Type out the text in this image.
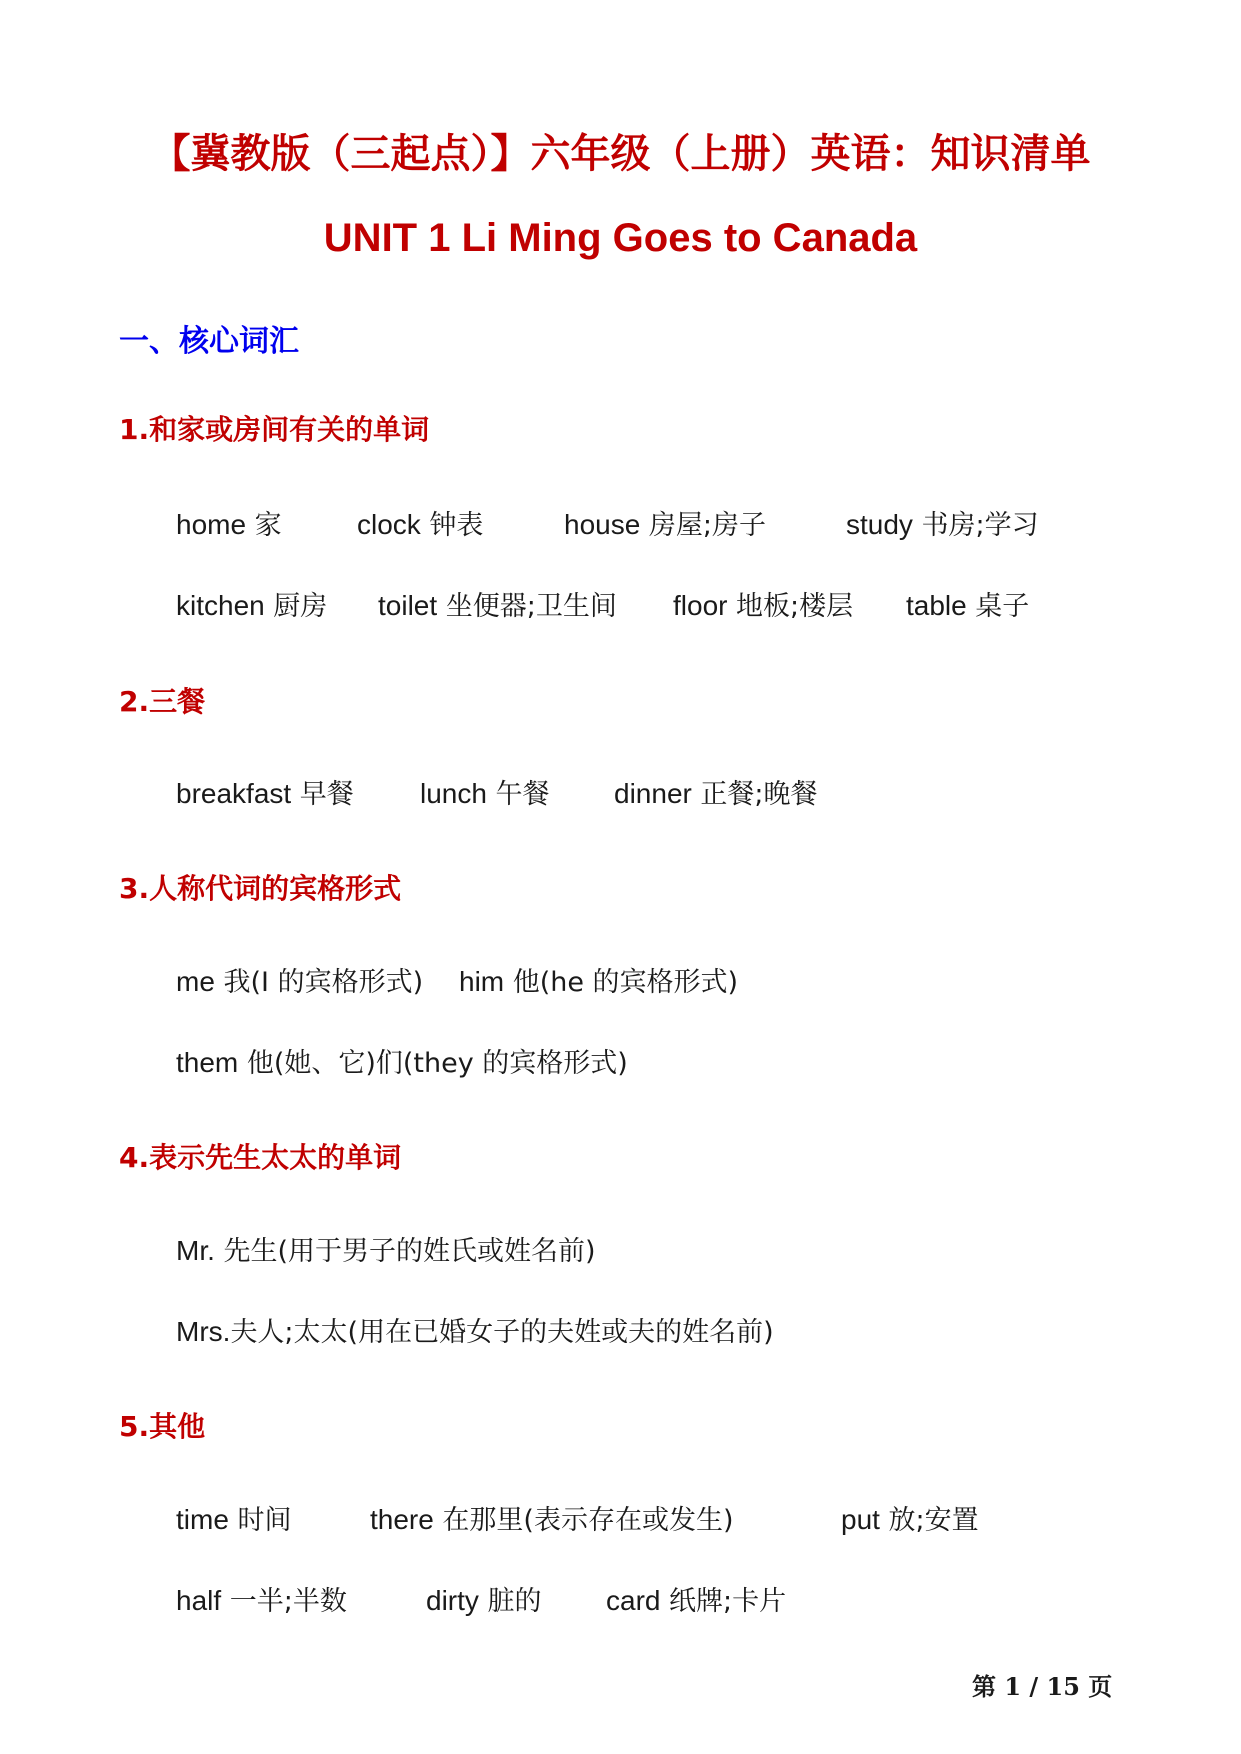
【冀教版（三起点）】六年级（上册）英语：知识清单
UNIT 1 Li Ming Goes to Canada
一、核心词汇
1.和家或房间有关的单词
home 家	clock 钟表	house 房屋;房子	study 书房;学习
kitchen 厨房 toilet 坐便器;卫生间 floor 地板;楼层 table 桌子
2.三餐
breakfast 早餐 lunch 午餐 dinner 正餐;晚餐
3.人称代词的宾格形式
me 我(I 的宾格形式) him 他(he 的宾格形式)
them 他(她、它)们(they 的宾格形式)
4.表示先生太太的单词
Mr. 先生(用于男子的姓氏或姓名前)
Mrs.夫人;太太(用在已婚女子的夫姓或夫的姓名前)
5.其他
time 时间	there 在那里(表示存在或发生)	put 放;安置
half 一半;半数	dirty 脏的 card 纸牌;卡片
第 1 / 15 页
